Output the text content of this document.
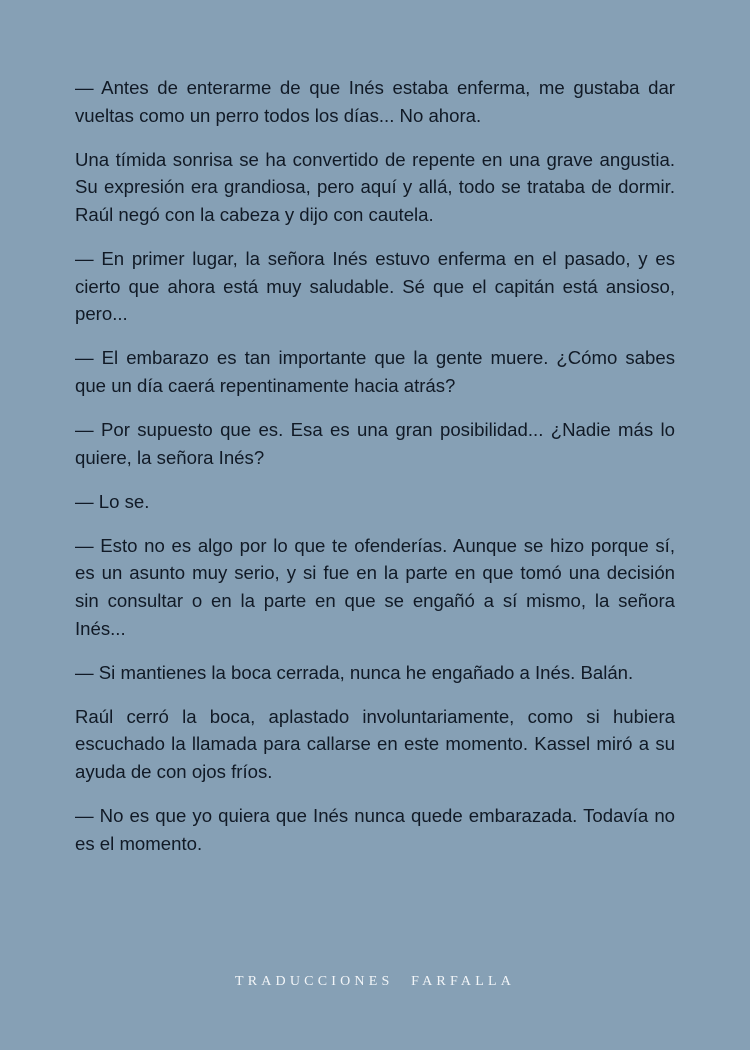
— Antes de enterarme de que Inés estaba enferma, me gustaba dar vueltas como un perro todos los días... No ahora.

Una tímida sonrisa se ha convertido de repente en una grave angustia. Su expresión era grandiosa, pero aquí y allá, todo se trataba de dormir. Raúl negó con la cabeza y dijo con cautela.

— En primer lugar, la señora Inés estuvo enferma en el pasado, y es cierto que ahora está muy saludable. Sé que el capitán está ansioso, pero...

— El embarazo es tan importante que la gente muere. ¿Cómo sabes que un día caerá repentinamente hacia atrás?

— Por supuesto que es. Esa es una gran posibilidad... ¿Nadie más lo quiere, la señora Inés?

— Lo se.

— Esto no es algo por lo que te ofenderías. Aunque se hizo porque sí, es un asunto muy serio, y si fue en la parte en que tomó una decisión sin consultar o en la parte en que se engañó a sí mismo, la señora Inés...

— Si mantienes la boca cerrada, nunca he engañado a Inés. Balán.

Raúl cerró la boca, aplastado involuntariamente, como si hubiera escuchado la llamada para callarse en este momento. Kassel miró a su ayuda de con ojos fríos.

— No es que yo quiera que Inés nunca quede embarazada. Todavía no es el momento.

TRADUCCIONES FARFALLA
